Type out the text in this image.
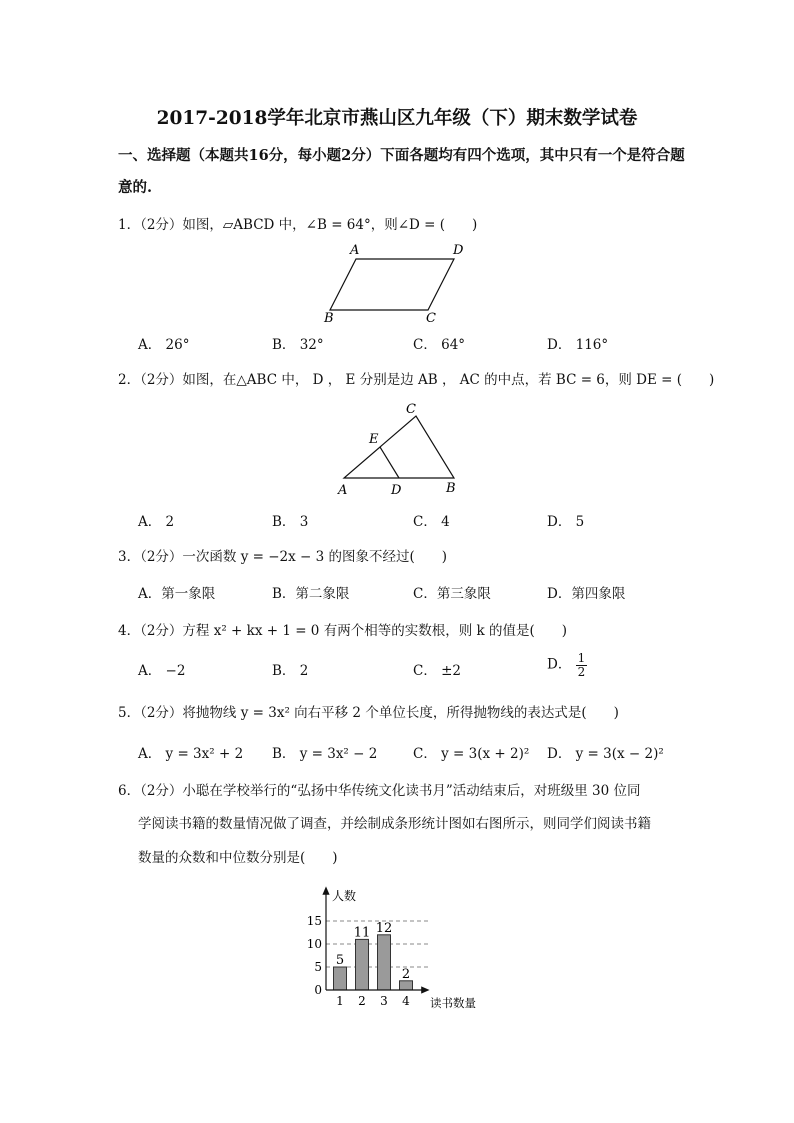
2017-2018学年北京市燕山区九年级（下）期末数学试卷
一、选择题（本题共16分，每小题2分）下面各题均有四个选项，其中只有一个是符合题
意的.
1．（2分）如图，▱ABCD 中，∠B = 64°，则∠D = (　　)
A	D
B	C
A． 26°	B． 32°	C． 64°	D． 116°
2．（2分）如图，在△ABC 中， D ， E 分别是边 AB ， AC 的中点，若 BC = 6，则 DE = (　　)
C
E
A	D	B
A． 2	B． 3	C． 4	D． 5
3．（2分）一次函数 y = −2x − 3 的图象不经过(　　)
A．第一象限	B．第二象限	C．第三象限	D．第四象限
4．（2分）方程 x² + kx + 1 = 0 有两个相等的实数根，则 k 的值是(　　)
A． −2	B． 2	C． ±2	D． $\frac{1}{2}$
5．（2分）将抛物线 y = 3x² 向右平移 2 个单位长度，所得抛物线的表达式是(　　)
A． y = 3x² + 2 B． y = 3x² − 2	C． y = 3(x + 2)² D． y = 3(x − 2)²
6．（2分）小聪在学校举行的“弘扬中华传统文化读书月”活动结束后，对班级里 30 位同
学阅读书籍的数量情况做了调查，并绘制成条形统计图如右图所示，则同学们阅读书籍
数量的众数和中位数分别是(　　)
人数
读书数量
15
10
5
0
1 2 3 4
5
11 12
2
